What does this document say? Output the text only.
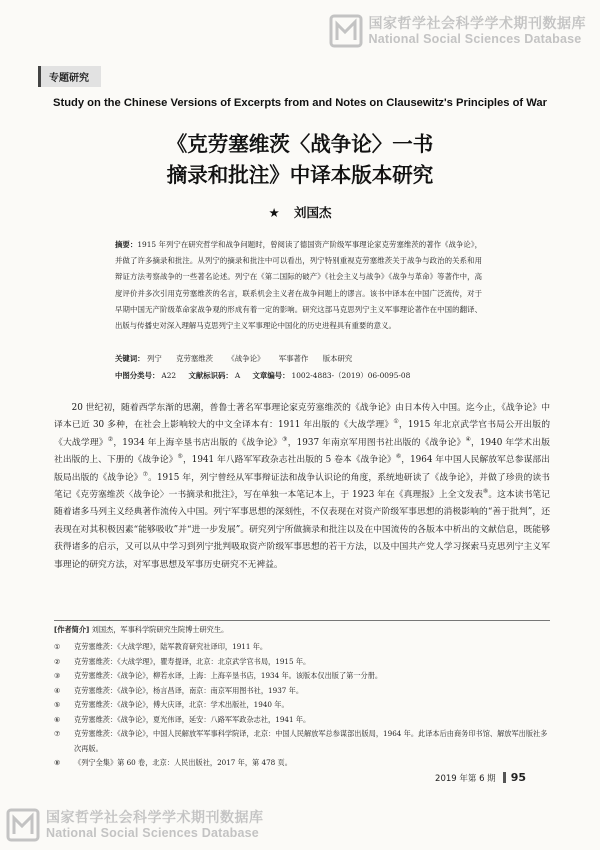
国家哲学社会科学学术期刊数据库
National Social Sciences Database
专题研究
Study on the Chinese Versions of Excerpts from and Notes on Clausewitz's Principles of War
《克劳塞维茨〈战争论〉一书
摘录和批注》中译本版本研究
★ 刘国杰
摘要：1915 年列宁在研究哲学和战争问题时，曾阅读了德国资产阶级军事理论家克劳塞维茨的著作《战争论》，并做了许多摘录和批注。从列宁的摘录和批注中可以看出，列宁特别重视克劳塞维茨关于战争与政治的关系和用辩证方法考察战争的一些著名论述。列宁在《第二国际的破产》《社会主义与战争》《战争与革命》等著作中，高度评价并多次引用克劳塞维茨的名言，联系机会主义者在战争问题上的谬言。该书中译本在中国广泛流传，对于早期中国无产阶级革命家战争观的形成有着一定的影响。研究这部马克思列宁主义军事理论著作在中国的翻译、出版与传播史对深入理解马克思列宁主义军事理论中国化的历史进程具有重要的意义。
关键词： 列宁 克劳塞维茨 《战争论》 军事著作 版本研究
中图分类号： A22 文献标识码： A 文章编号： 1002-4883-（2019）06-0095-08
20 世纪初，随着西学东渐的思潮，普鲁士著名军事理论家克劳塞维茨的《战争论》由日本传入中国。迄今止，《战争论》中译本已近 30 多种，在社会上影响较大的中文全译本有：1911 年出版的《大战学理》①，1915 年北京武学官书局公开出版的《大战学理》②，1934 年上海辛垦书店出版的《战争论》③，1937 年南京军用图书社出版的《战争论》④，1940 年学术出版社出版的上、下册的《战争论》⑤，1941 年八路军军政杂志社出版的 5 卷本《战争论》⑥，1964 年中国人民解放军总参谋部出版局出版的《战争论》⑦。1915 年，列宁曾经从军事辩证法和战争认识论的角度，系统地研读了《战争论》，并做了珍贵的读书笔记《克劳塞维茨〈战争论〉一书摘录和批注》，写在单独一本笔记本上，于 1923 年在《真理报》上全文发表⑧。这本读书笔记随着诸多马列主义经典著作流传入中国。列宁军事思想的深刻性，不仅表现在对资产阶级军事思想的消极影响的“善于批判”，还表现在对其积极因素“能够吸收”并“进一步发展”。研究列宁所做摘录和批注以及在中国流传的各版本中析出的文献信息，既能够获得诸多的启示，又可以从中学习到列宁批判吸取资产阶级军事思想的若干方法，以及中国共产党人学习探索马克思列宁主义军事理论的研究方法，对军事思想及军事历史研究不无裨益。
[作者简介] 刘国杰，军事科学院研究生院博士研究生。
①	克劳塞维茨：《大战学理》，陆军教育研究社译印，1911 年。
②	克劳塞维茨：《大战学理》，瞿寿提译，北京：北京武学官书局，1915 年。
③	克劳塞维茨：《战争论》，柳若水译，上海：上海辛垦书店，1934 年。该版本仅出版了第一分册。
④	克劳塞维茨：《战争论》，杨言昌译，南京：南京军用图书社，1937 年。
⑤	克劳塞维茨：《战争论》，傅大庆译，北京：学术出版社，1940 年。
⑥	克劳塞维茨：《战争论》，夏光伟译，延安：八路军军政杂志社，1941 年。
⑦	克劳塞维茨：《战争论》，中国人民解放军军事科学院译，北京：中国人民解放军总参谋部出版局，1964 年。此译本后由商务印书馆、解放军出版社多次再版。
⑧	《列宁全集》第 60 卷，北京：人民出版社，2017 年，第 478 页。
2019 年第 6 期 95
国家哲学社会科学学术期刊数据库
National Social Sciences Database
